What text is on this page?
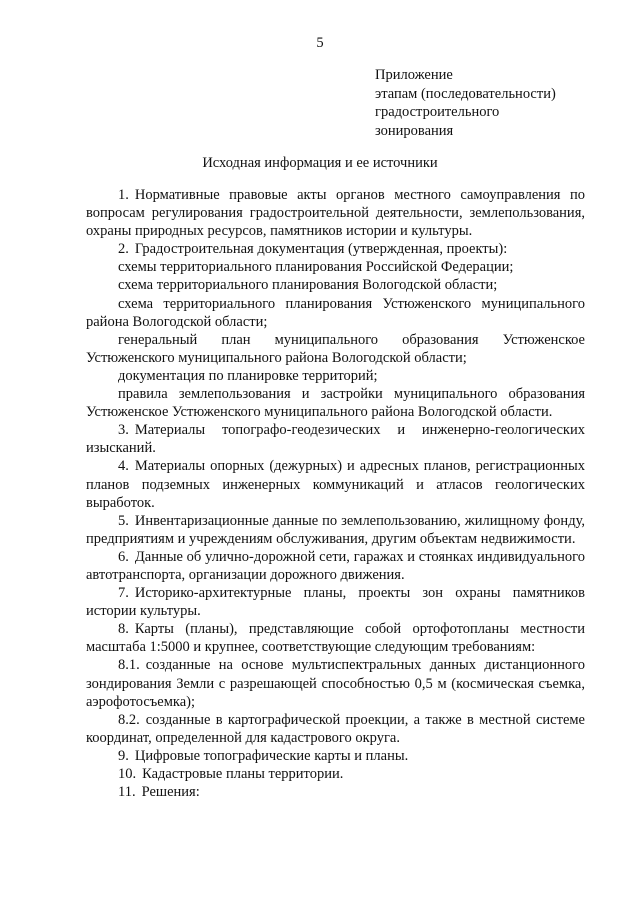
5
Приложение
этапам (последовательности)
градостроительного
зонирования
Исходная информация и ее источники

1. Нормативные правовые акты органов местного самоуправления по вопросам регулирования градостроительной деятельности, землепользования, охраны природных ресурсов, памятников истории и культуры.

2. Градостроительная документация (утвержденная, проекты):

схемы территориального планирования Российской Федерации;

схема территориального планирования Вологодской области;

схема территориального планирования Устюженского муниципального района Вологодской области;

генеральный план муниципального образования Устюженское Устюженского муниципального района Вологодской области;

документация по планировке территорий;

правила землепользования и застройки муниципального образования Устюженское Устюженского муниципального района Вологодской области.

3. Материалы топографо-геодезических и инженерно-геологических изысканий.

4. Материалы опорных (дежурных) и адресных планов, регистрационных планов подземных инженерных коммуникаций и атласов геологических выработок.

5. Инвентаризационные данные по землепользованию, жилищному фонду, предприятиям и учреждениям обслуживания, другим объектам недвижимости.

6. Данные об улично-дорожной сети, гаражах и стоянках индивидуального автотранспорта, организации дорожного движения.

7. Историко-архитектурные планы, проекты зон охраны памятников истории культуры.

8. Карты (планы), представляющие собой ортофотопланы местности масштаба 1:5000 и крупнее, соответствующие следующим требованиям:

8.1. созданные на основе мультиспектральных данных дистанционного зондирования Земли с разрешающей способностью 0,5 м (космическая съемка, аэрофотосъемка);

8.2. созданные в картографической проекции, а также в местной системе координат, определенной для кадастрового округа.

9. Цифровые топографические карты и планы.

10. Кадастровые планы территории.

11. Решения:
